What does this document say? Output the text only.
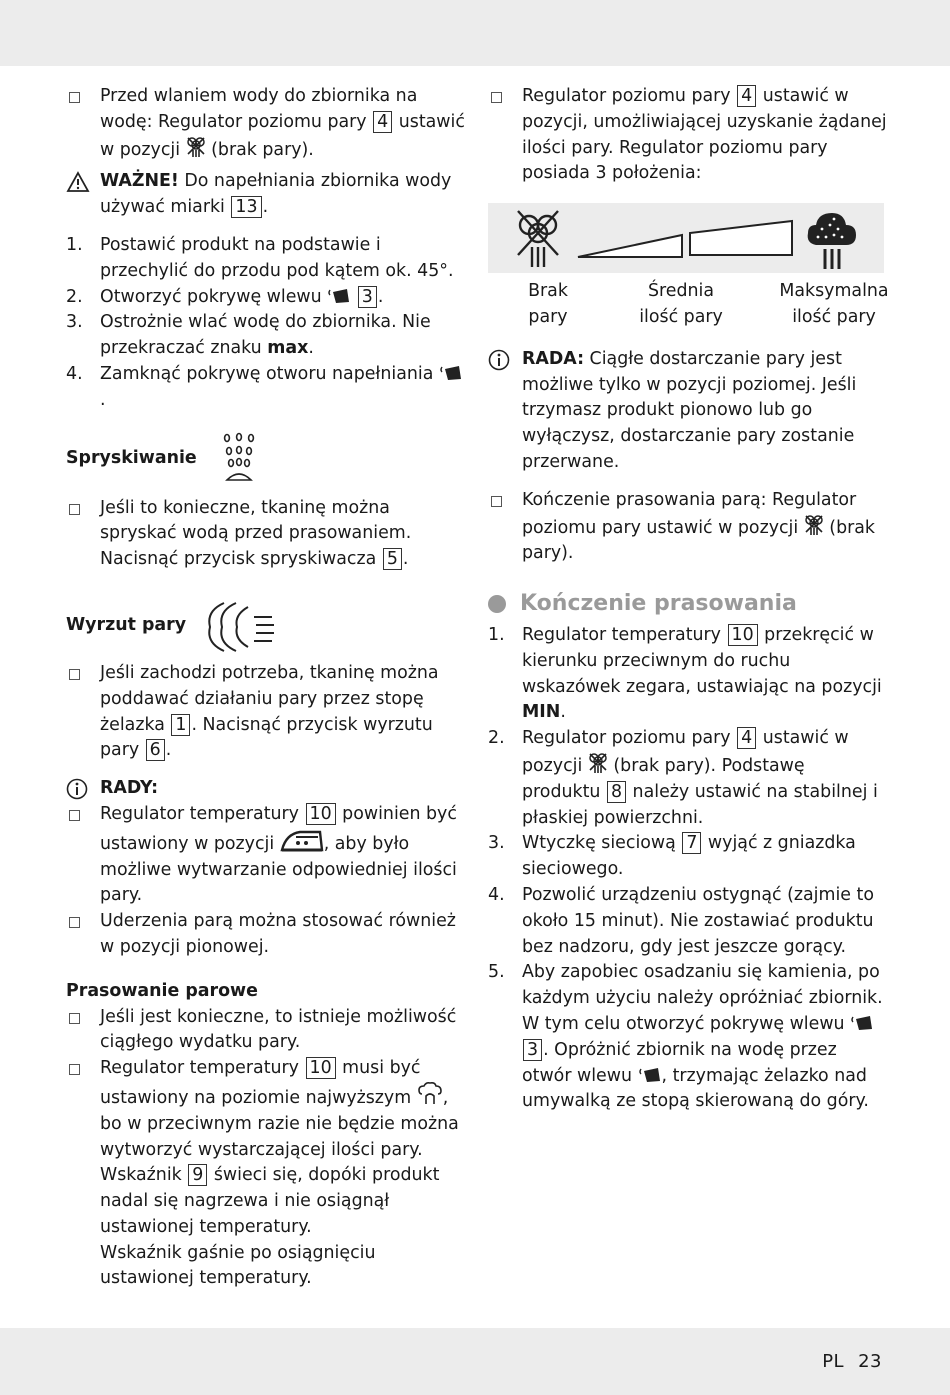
Przed wlaniem wody do zbiornika na wodę: Regulator poziomu pary 4 ustawić w pozycji  (brak pary).
WAŻNE! Do napełniania zbiornika wody używać miarki 13 .
1.	Postawić produkt na podstawie i przechylić do przodu pod kątem ok. 45°.
2.	Otworzyć pokrywę wlewu  3 .
3.	Ostrożnie wlać wodę do zbiornika. Nie przekraczać znaku max.
4.	Zamknąć pokrywę otworu napełniania .
Spryskiwanie
Jeśli to konieczne, tkaninę można spryskać wodą przed prasowaniem. Nacisnąć przycisk spryskiwacza 5 .
Wyrzut pary
Jeśli zachodzi potrzeba, tkaninę można poddawać działaniu pary przez stopę żelazka 1 . Nacisnąć przycisk wyrzutu pary 6 .
RADY:
Regulator temperatury 10 powinien być ustawiony w pozycji	, aby było możliwe wytwarzanie odpowiedniej ilości pary.
Uderzenia parą można stosować również w pozycji pionowej.
Prasowanie parowe
Jeśli jest konieczne, to istnieje możliwość ciągłego wydatku pary.
Regulator temperatury 10 musi być ustawiony na poziomie najwyższym , bo w przeciwnym razie nie będzie można wytworzyć wystarczającej ilości pary.
Wskaźnik 9 świeci się, dopóki produkt nadal się nagrzewa i nie osiągnął ustawionej temperatury.
Wskaźnik gaśnie po osiągnięciu ustawionej temperatury.
Regulator poziomu pary 4 ustawić w pozycji, umożliwiającej uzyskanie żądanej ilości pary. Regulator poziomu pary posiada 3 położenia:
Brak
pary
Średnia
ilość pary
Maksymalna
ilość pary
RADA: Ciągłe dostarczanie pary jest możliwe tylko w pozycji poziomej. Jeśli trzymasz produkt pionowo lub go wyłączysz, dostarczanie pary zostanie przerwane.
Kończenie prasowania parą: Regulator poziomu pary ustawić w pozycji  (brak pary).
Kończenie prasowania
1.	Regulator temperatury 10 przekręcić w kierunku przeciwnym do ruchu wskazówek zegara, ustawiając na pozycji MIN.
2.	Regulator poziomu pary 4 ustawić w pozycji  (brak pary). Podstawę produktu 8 należy ustawić na stabilnej i płaskiej powierzchni.
3.	Wtyczkę sieciową 7 wyjąć z gniazdka sieciowego.
4.	Pozwolić urządzeniu ostygnąć (zajmie to około 15 minut). Nie zostawiać produktu bez nadzoru, gdy jest jeszcze gorący.
5.	Aby zapobiec osadzaniu się kamienia, po każdym użyciu należy opróżniać zbiornik. W tym celu otworzyć pokrywę wlewu  3 . Opróżnić zbiornik na wodę przez otwór wlewu , trzymając żelazko nad umywalką ze stopą skierowaną do góry.
PL 23
